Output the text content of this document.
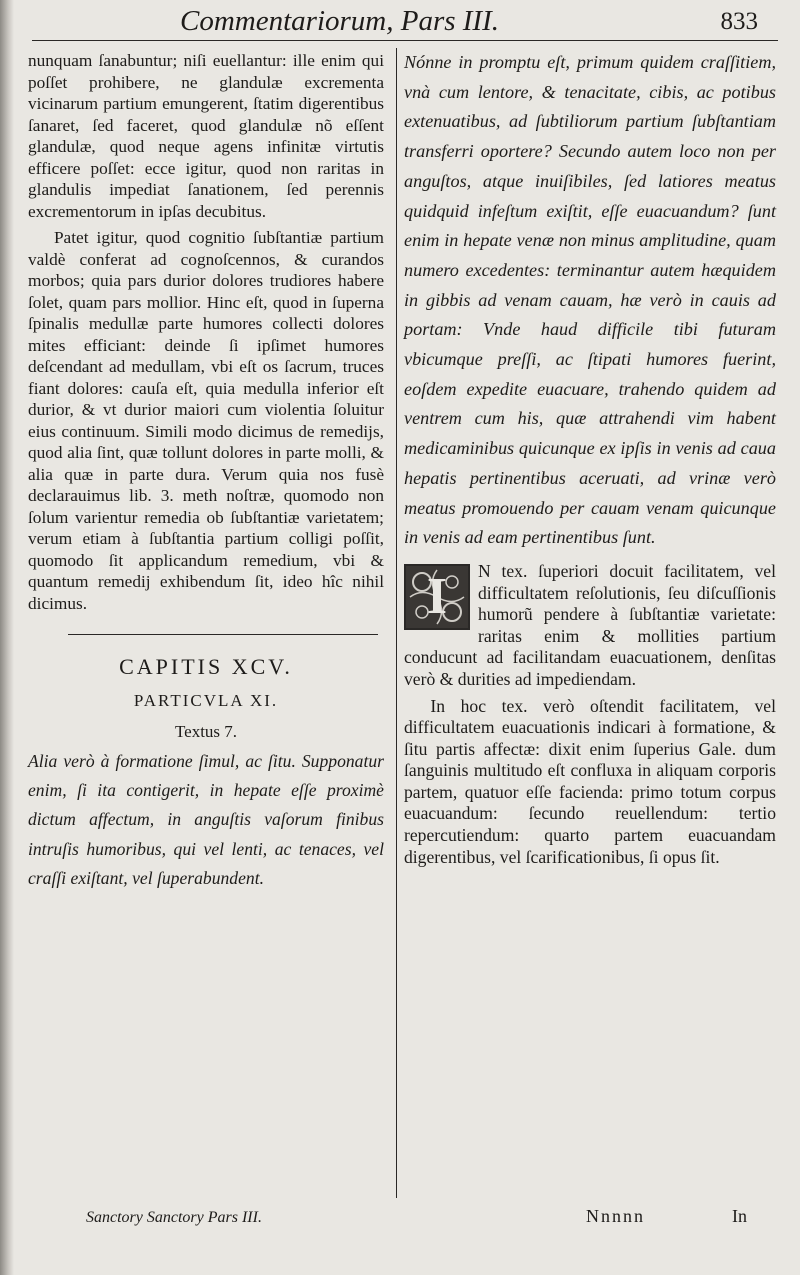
Commentariorum, Pars III.	833

nunquam ſanabuntur; niſi euellantur: ille enim qui poſſet prohibere, ne glandulæ excrementa vicinarum partium emungerent, ſtatim digerentibus ſanaret, ſed faceret, quod glandulæ nõ eſſent glandulæ, quod neque agens infinitæ virtutis efficere poſſet: ecce igitur, quod non raritas in glandulis impediat ſanationem, ſed perennis excrementorum in ipſas decubitus.

Patet igitur, quod cognitio ſubſtantiæ partium valdè conferat ad cognoſcennos, & curandos morbos; quia pars durior dolores trudiores habere ſolet, quam pars mollior. Hinc eſt, quod in ſuperna ſpinalis medullæ parte humores collecti dolores mites efficiant: deinde ſi ipſimet humores deſcendant ad medullam, vbi eſt os ſacrum, truces fiant dolores: cauſa eſt, quia medulla inferior eſt durior, & vt durior maiori cum violentia ſoluitur eius continuum. Simili modo dicimus de remedijs, quod alia ſint, quæ tollunt dolores in parte molli, & alia quæ in parte dura. Verum quia nos fusè declarauimus lib. 3. meth noſtræ, quomodo non ſolum varientur remedia ob ſubſtantiæ varietatem; verum etiam à ſubſtantia partium colligi poſſit, quomodo ſit applicandum remedium, vbi & quantum remedij exhibendum ſit, ideo hîc nihil dicimus.

CAPITIS XCV.
PARTICVLA XI.
Textus 7.

Alia verò à formatione ſimul, ac ſitu. Supponatur enim, ſi ita contigerit, in hepate eſſe proximè dictum affectum, in anguſtis vaſorum finibus intruſis humoribus, qui vel lenti, ac tenaces, vel craſſi exiſtant, vel ſuperabundent.

Nónne in promptu eſt, primum quidem craſſitiem, vnà cum lentore, & tenacitate, cibis, ac potibus extenuatibus, ad ſubtiliorum partium ſubſtantiam transferri oportere? Secundo autem loco non per anguſtos, atque inuiſibiles, ſed latiores meatus quidquid infeſtum exiſtit, eſſe euacuandum? ſunt enim in hepate venæ non minus amplitudine, quam numero excedentes: terminantur autem hæquidem in gibbis ad venam cauam, hæ verò in cauis ad portam: Vnde haud difficile tibi futuram vbicumque preſſi, ac ſtipati humores fuerint, eoſdem expedite euacuare, trahendo quidem ad ventrem cum his, quæ attrahendi vim habent medicaminibus quicunque ex ipſis in venis ad caua hepatis pertinentibus aceruati, ad vrinæ verò meatus promouendo per cauam venam quicunque in venis ad eam pertinentibus ſunt.

I	N tex. ſuperiori docuit facilitatem, vel difficultatem reſolutionis, ſeu diſcuſſionis humorũ pendere à ſubſtantiæ varietate: raritas enim & mollities partium conducunt ad facilitandam euacuationem, denſitas verò & durities ad impediendam.

In hoc tex. verò oſtendit facilitatem, vel difficultatem euacuationis indicari à formatione, & ſitu partis affectæ: dixit enim ſuperius Gale. dum ſanguinis multitudo eſt confluxa in aliquam corporis partem, quatuor eſſe facienda: primo totum corpus euacuandum: ſecundo reuellendum: tertio repercutiendum: quarto partem euacuandam digerentibus, vel ſcarificationibus, ſi opus ſit.

Sanctory Sanctory Pars III.	Nnnnn	In
